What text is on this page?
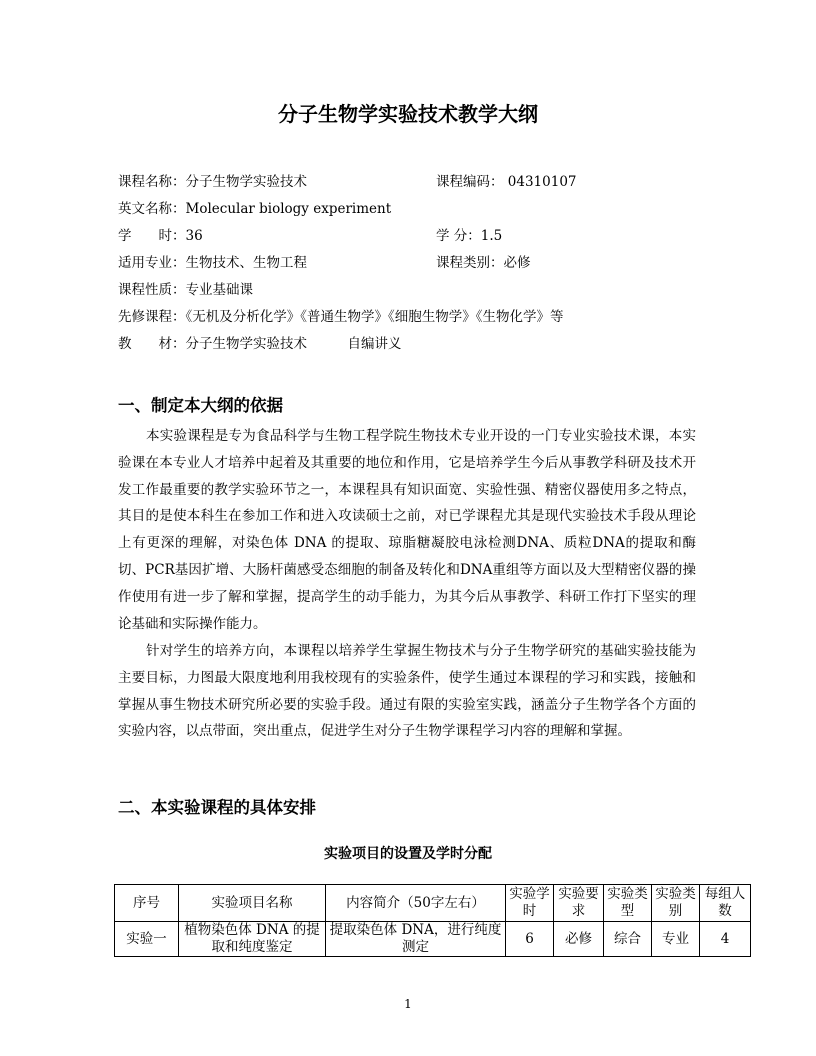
分子生物学实验技术教学大纲
课程名称：分子生物学实验技术	课程编码： 04310107
英文名称：Molecular biology experiment
学　　时：36	学 分：1.5
适用专业：生物技术、生物工程	课程类别：必修
课程性质：专业基础课
先修课程：《无机及分析化学》《普通生物学》《细胞生物学》《生物化学》等
教　　材：分子生物学实验技术　　　自编讲义
一、制定本大纲的依据
本实验课程是专为食品科学与生物工程学院生物技术专业开设的一门专业实验技术课，本实验课在本专业人才培养中起着及其重要的地位和作用，它是培养学生今后从事教学科研及技术开发工作最重要的教学实验环节之一，本课程具有知识面宽、实验性强、精密仪器使用多之特点，其目的是使本科生在参加工作和进入攻读硕士之前，对已学课程尤其是现代实验技术手段从理论上有更深的理解，对染色体 DNA 的提取、琼脂糖凝胶电泳检测DNA、质粒DNA的提取和酶切、PCR基因扩增、大肠杆菌感受态细胞的制备及转化和DNA重组等方面以及大型精密仪器的操作使用有进一步了解和掌握，提高学生的动手能力，为其今后从事教学、科研工作打下坚实的理论基础和实际操作能力。
针对学生的培养方向，本课程以培养学生掌握生物技术与分子生物学研究的基础实验技能为主要目标，力图最大限度地利用我校现有的实验条件，使学生通过本课程的学习和实践，接触和掌握从事生物技术研究所必要的实验手段。通过有限的实验室实践，涵盖分子生物学各个方面的实验内容，以点带面，突出重点，促进学生对分子生物学课程学习内容的理解和掌握。
二、本实验课程的具体安排
实验项目的设置及学时分配
序号	实验项目名称	内容简介（50字左右）	实验学时	实验要求	实验类型	实验类别	每组人数
实验一	植物染色体 DNA 的提取和纯度鉴定	提取染色体 DNA，进行纯度测定	6	必修	综合	专业	4
1
